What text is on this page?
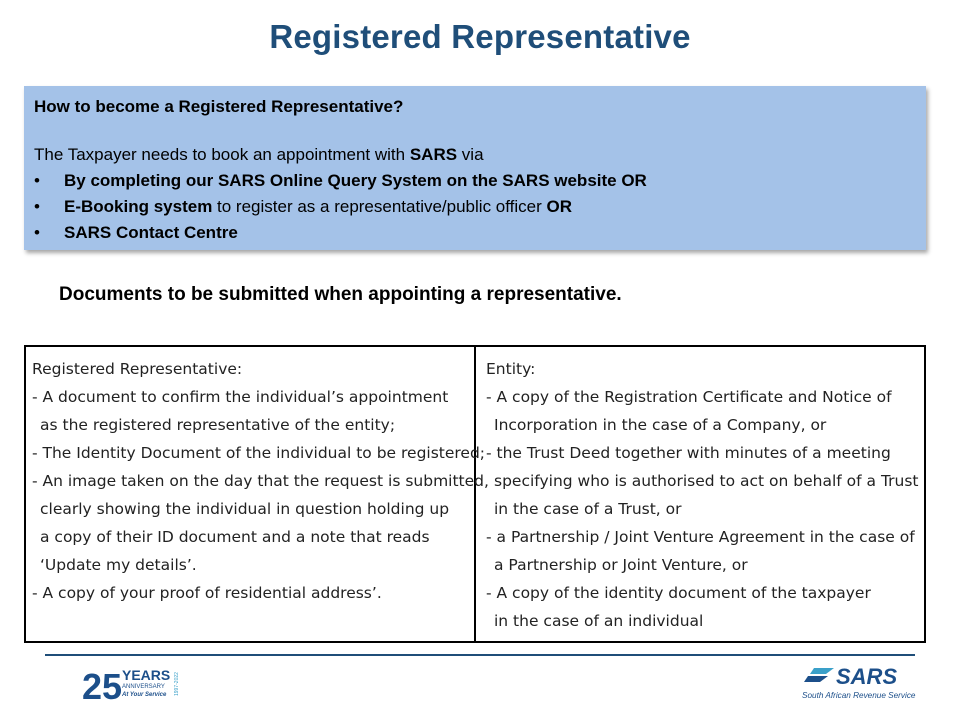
Registered Representative
How to become a Registered Representative?
The Taxpayer needs to book an appointment with SARS via
• By completing our SARS Online Query System on the SARS website OR
• E-Booking system to register as a representative/public officer OR
• SARS Contact Centre
Documents to be submitted when appointing a representative.
Registered Representative:
- A document to confirm the individual’s appointment
as the registered representative of the entity;
- The Identity Document of the individual to be registered;
- An image taken on the day that the request is submitted,
clearly showing the individual in question holding up
a copy of their ID document and a note that reads
‘Update my details’.
- A copy of your proof of residential address’.
Entity:
- A copy of the Registration Certificate and Notice of
Incorporation in the case of a Company, or
- the Trust Deed together with minutes of a meeting
specifying who is authorised to act on behalf of a Trust
in the case of a Trust, or
- a Partnership / Joint Venture Agreement in the case of
a Partnership or Joint Venture, or
- A copy of the identity document of the taxpayer
in the case of an individual
25 YEARS
ANNIVERSARY
At Your Service 1997-2022	SARS
South African Revenue Service
